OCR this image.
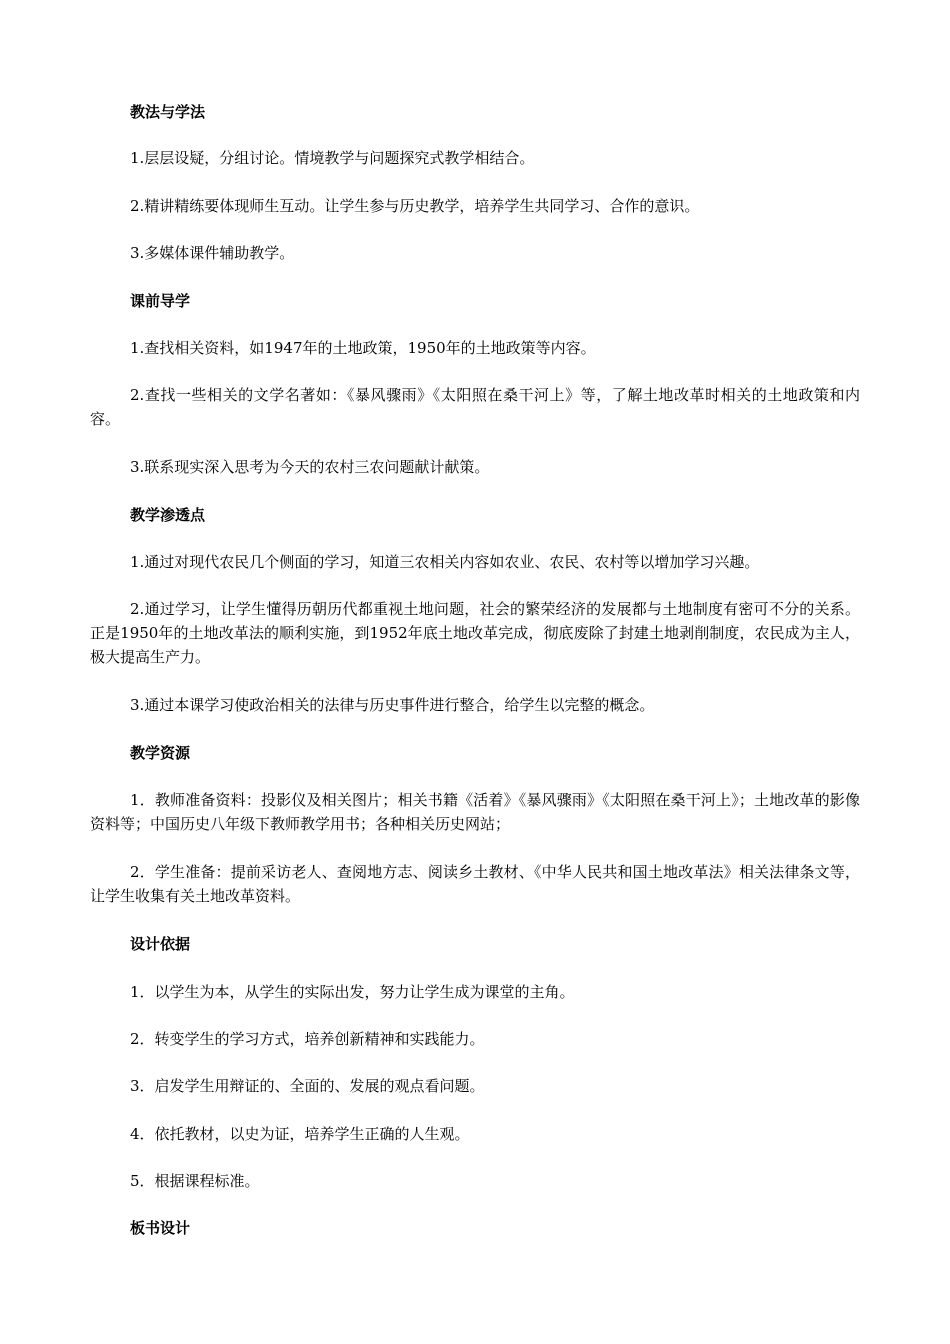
教法与学法
1.层层设疑，分组讨论。情境教学与问题探究式教学相结合。
2.精讲精练要体现师生互动。让学生参与历史教学，培养学生共同学习、合作的意识。
3.多媒体课件辅助教学。
课前导学
1.查找相关资料，如1947年的土地政策，1950年的土地政策等内容。
2.查找一些相关的文学名著如：《暴风骤雨》《太阳照在桑干河上》等，了解土地改革时相关的土地政策和内容。
3.联系现实深入思考为今天的农村三农问题献计献策。
教学渗透点
1.通过对现代农民几个侧面的学习，知道三农相关内容如农业、农民、农村等以增加学习兴趣。
2.通过学习，让学生懂得历朝历代都重视土地问题，社会的繁荣经济的发展都与土地制度有密可不分的关系。正是1950年的土地改革法的顺利实施，到1952年底土地改革完成，彻底废除了封建土地剥削制度，农民成为主人，极大提高生产力。
3.通过本课学习使政治相关的法律与历史事件进行整合，给学生以完整的概念。
教学资源
1．教师准备资料：投影仪及相关图片；相关书籍《活着》《暴风骤雨》《太阳照在桑干河上》；土地改革的影像资料等；中国历史八年级下教师教学用书；各种相关历史网站；
2．学生准备：提前采访老人、查阅地方志、阅读乡土教材、《中华人民共和国土地改革法》相关法律条文等，让学生收集有关土地改革资料。
设计依据
1．以学生为本，从学生的实际出发，努力让学生成为课堂的主角。
2．转变学生的学习方式，培养创新精神和实践能力。
3．启发学生用辩证的、全面的、发展的观点看问题。
4．依托教材，以史为证，培养学生正确的人生观。
5．根据课程标准。
板书设计
